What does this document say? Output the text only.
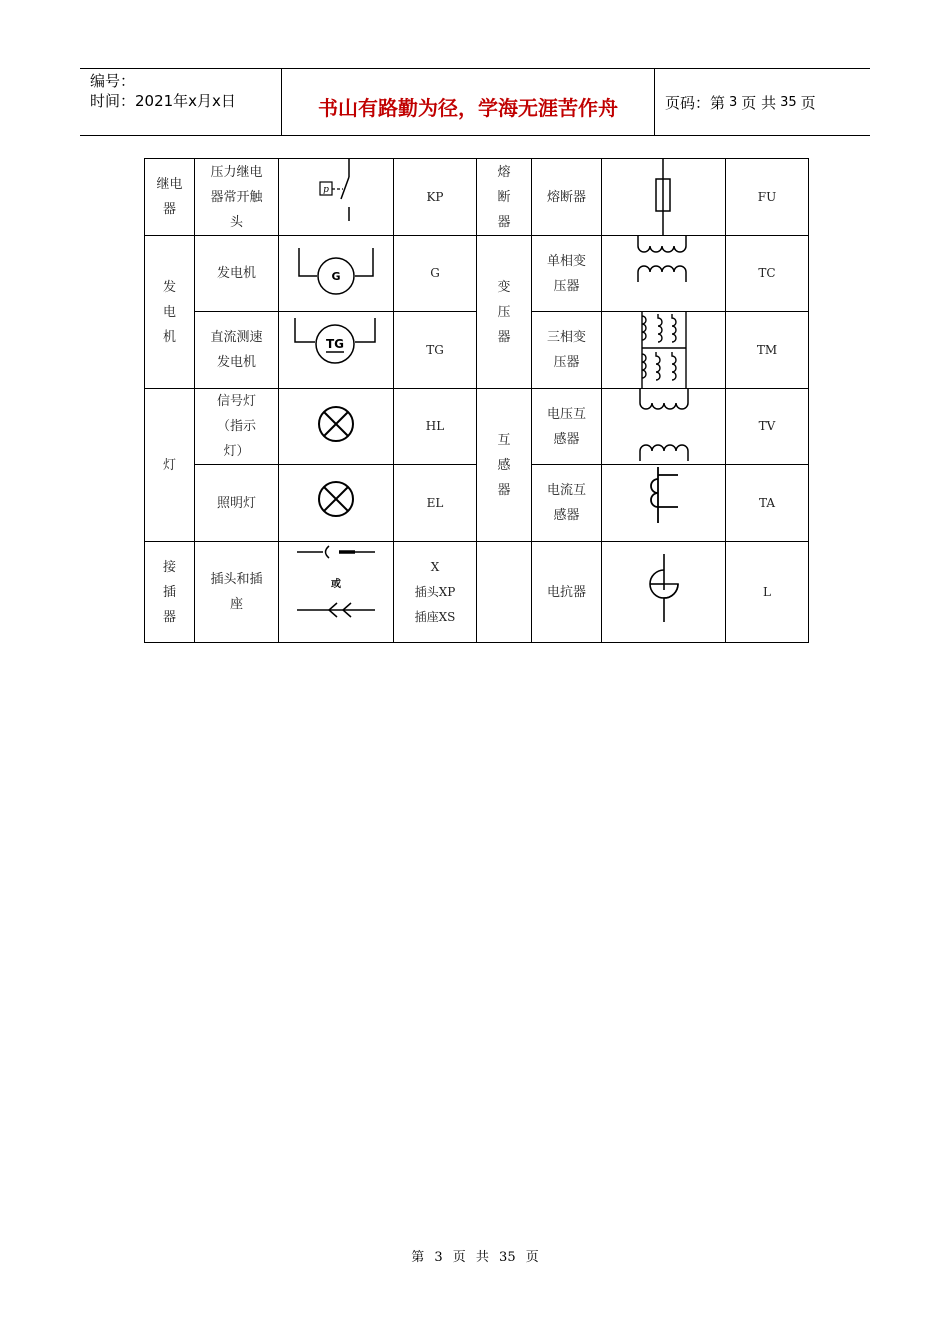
编号：
时间：2021年x月x日	书山有路勤为径，学海无涯苦作舟	页码：第 3 页 共 35 页
继电
器	压力继电
器常开触
头	p	KP	熔
断
器	熔断器		FU

发
电
机	发电机	G	G	变
压
器	单相变
压器		TC

	直流测速
发电机	TG	TG		三相变
压器		TM

灯	信号灯
（指示
灯）		HL	互
感
器	电压互
感器		TV

	照明灯		EL		电流互
感器		TA

接
插
器	插头和插
座	或	X
插头XP
插座XS		电抗器		L
第 3 页 共 35 页
